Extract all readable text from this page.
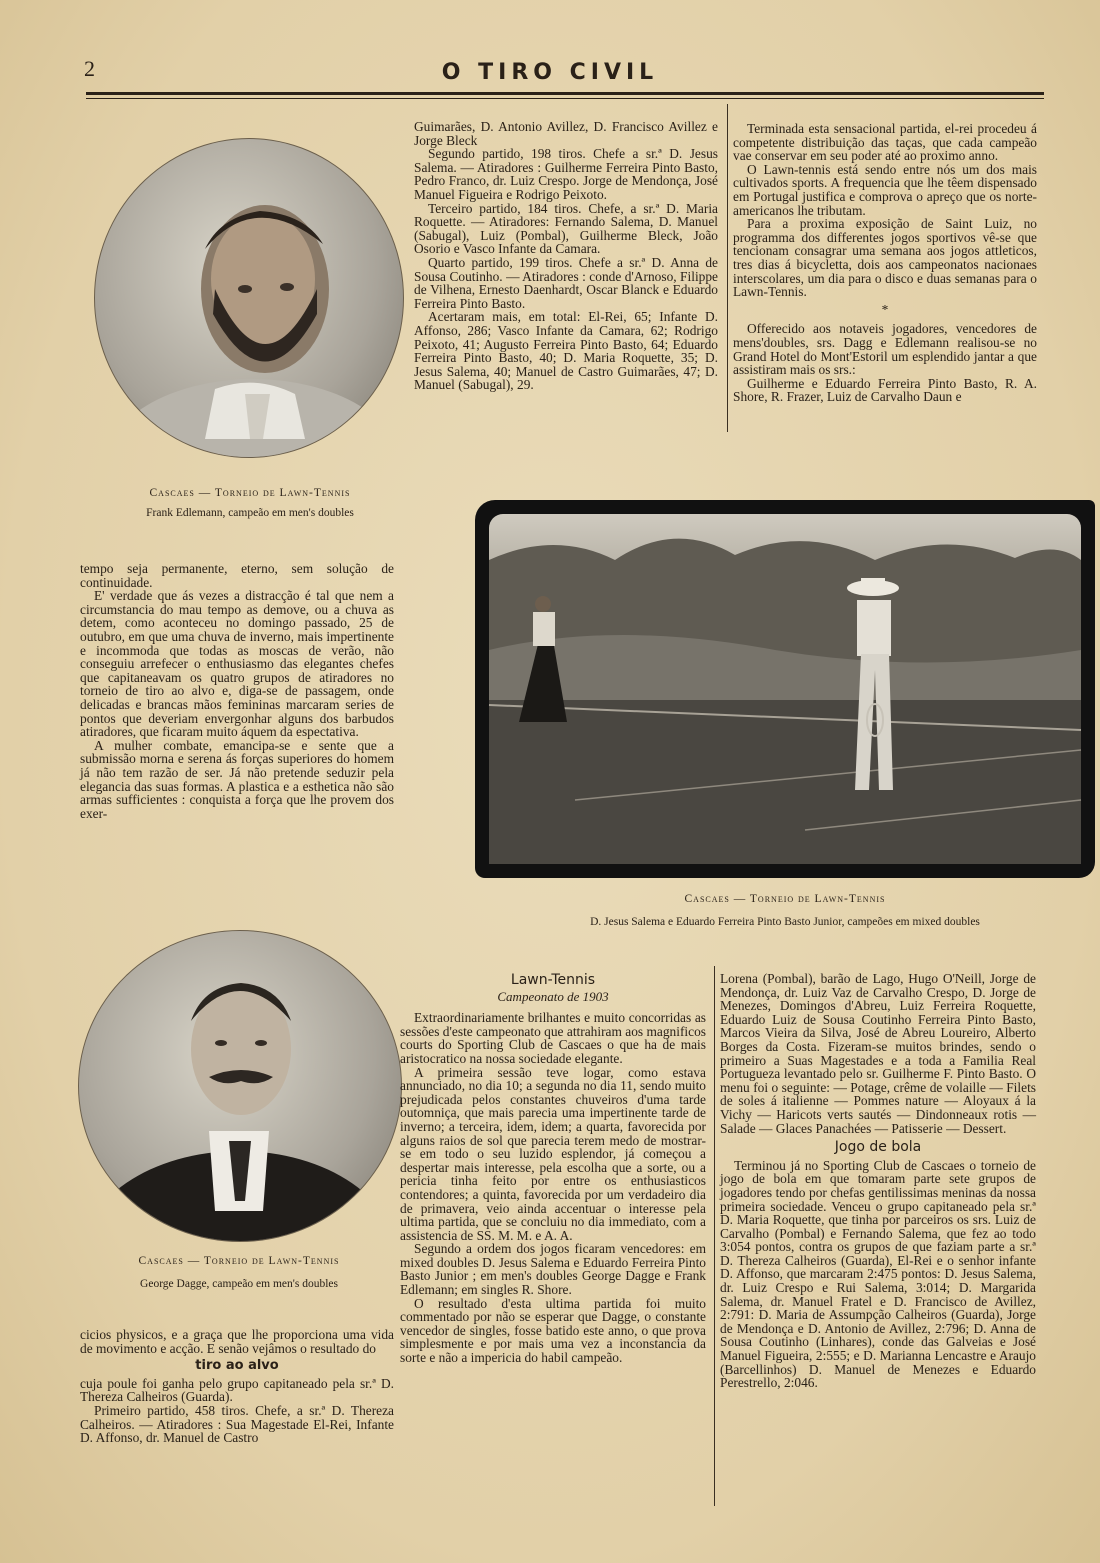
2	O TIRO CIVIL
Cascaes — Torneio de Lawn-Tennis
Frank Edlemann, campeão em men's doubles

Guimarães, D. Antonio Avillez, D. Francisco Avillez e Jorge Bleck

Segundo partido, 198 tiros. Chefe a sr.ª D. Jesus Salema. — Atiradores : Guilherme Ferreira Pinto Basto, Pedro Franco, dr. Luiz Crespo. Jorge de Mendonça, José Manuel Figueira e Rodrigo Peixoto.

Terceiro partido, 184 tiros. Chefe, a sr.ª D. Maria Roquette. — Atiradores: Fernando Salema, D. Manuel (Sabugal), Luiz (Pombal), Guilherme Bleck, João Osorio e Vasco Infante da Camara.

Quarto partido, 199 tiros. Chefe a sr.ª D. Anna de Sousa Coutinho. — Atiradores : conde d'Arnoso, Filippe de Vilhena, Ernesto Daenhardt, Oscar Blanck e Eduardo Ferreira Pinto Basto.

Acertaram mais, em total: El-Rei, 65; Infante D. Affonso, 286; Vasco Infante da Camara, 62; Rodrigo Peixoto, 41; Augusto Ferreira Pinto Basto, 64; Eduardo Ferreira Pinto Basto, 40; D. Maria Roquette, 35; D. Jesus Salema, 40; Manuel de Castro Guimarães, 47; D. Manuel (Sabugal), 29.

Terminada esta sensacional partida, el-rei procedeu á competente distribuição das taças, que cada campeão vae conservar em seu poder até ao proximo anno.

O Lawn-tennis está sendo entre nós um dos mais cultivados sports. A frequencia que lhe têem dispensado em Portugal justifica e comprova o apreço que os norte- americanos lhe tributam.

Para a proxima exposição de Saint Luiz, no programma dos differentes jogos sportivos vê-se que tencionam consagrar uma semana aos jogos attleticos, tres dias á bicycletta, dois aos campeonatos nacionaes interscolares, um dia para o disco e duas semanas para o Lawn-Tennis.

*

Offerecido aos notaveis jogadores, vencedores de mens'doubles, srs. Dagg e Edlemann realisou-se no Grand Hotel do Mont'Estoril um esplendido jantar a que assistiram mais os srs.:

Guilherme e Eduardo Ferreira Pinto Basto, R. A. Shore, R. Frazer, Luiz de Carvalho Daun e

Cascaes — Torneio de Lawn-Tennis
D. Jesus Salema e Eduardo Ferreira Pinto Basto Junior, campeões em mixed doubles

tempo seja permanente, eterno, sem solução de continuidade.

E' verdade que ás vezes a distracção é tal que nem a circumstancia do mau tempo as demove, ou a chuva as detem, como aconteceu no domingo passado, 25 de outubro, em que uma chuva de inverno, mais impertinente e incommoda que todas as moscas de verão, não conseguiu arrefecer o enthusiasmo das elegantes chefes que capitaneavam os quatro grupos de atiradores no torneio de tiro ao alvo e, diga-se de passagem, onde delicadas e brancas mãos femininas marcaram series de pontos que deveriam envergonhar alguns dos barbudos atiradores, que ficaram muito áquem da espectativa.

A mulher combate, emancipa-se e sente que a submissão morna e serena ás forças superiores do homem já não tem razão de ser. Já não pretende seduzir pela elegancia das suas formas. A plastica e a esthetica não são armas sufficientes : conquista a força que lhe provem dos exer-

Cascaes — Torneio de Lawn-Tennis
George Dagge, campeão em men's doubles

cicios physicos, e a graça que lhe proporciona uma vida de movimento e acção. E senão vejâmos o resultado do

tiro ao alvo

cuja poule foi ganha pelo grupo capitaneado pela sr.ª D. Thereza Calheiros (Guarda).

Primeiro partido, 458 tiros. Chefe, a sr.ª D. Thereza Calheiros. — Atiradores : Sua Magestade El-Rei, Infante D. Affonso, dr. Manuel de Castro

Lawn-Tennis
Campeonato de 1903

Extraordinariamente brilhantes e muito concorridas as sessões d'este campeonato que attrahiram aos magnificos courts do Sporting Club de Cascaes o que ha de mais aristocratico na nossa sociedade elegante.

A primeira sessão teve logar, como estava annunciado, no dia 10; a segunda no dia 11, sendo muito prejudicada pelos constantes chuveiros d'uma tarde outomniça, que mais parecia uma impertinente tarde de inverno; a terceira, idem, idem; a quarta, favorecida por alguns raios de sol que parecia terem medo de mostrar-se em todo o seu luzido esplendor, já começou a despertar mais interesse, pela escolha que a sorte, ou a pericia tinha feito por entre os enthusiasticos contendores; a quinta, favorecida por um verdadeiro dia de primavera, veio ainda accentuar o interesse pela ultima partida, que se concluiu no dia immediato, com a assistencia de SS. M. M. e A. A.

Segundo a ordem dos jogos ficaram vencedores: em mixed doubles D. Jesus Salema e Eduardo Ferreira Pinto Basto Junior ; em men's doubles George Dagge e Frank Edlemann; em singles R. Shore.

O resultado d'esta ultima partida foi muito commentado por não se esperar que Dagge, o constante vencedor de singles, fosse batido este anno, o que prova simplesmente e por mais uma vez a inconstancia da sorte e não a impericia do habil campeão.

Lorena (Pombal), barão de Lago, Hugo O'Neill, Jorge de Mendonça, dr. Luiz Vaz de Carvalho Crespo, D. Jorge de Menezes, Domingos d'Abreu, Luiz Ferreira Roquette, Eduardo Luiz de Sousa Coutinho Ferreira Pinto Basto, Marcos Vieira da Silva, José de Abreu Loureiro, Alberto Borges da Costa. Fizeram-se muitos brindes, sendo o primeiro a Suas Magestades e a toda a Familia Real Portugueza levantado pelo sr. Guilherme F. Pinto Basto. O menu foi o seguinte: — Potage, crême de volaille — Filets de soles á italienne — Pommes nature — Aloyaux á la Vichy — Haricots verts sautés — Dindonneaux rotis — Salade — Glaces Panachées — Patisserie — Dessert.

Jogo de bola

Terminou já no Sporting Club de Cascaes o torneio de jogo de bola em que tomaram parte sete grupos de jogadores tendo por chefas gentilissimas meninas da nossa primeira sociedade. Venceu o grupo capitaneado pela sr.ª D. Maria Roquette, que tinha por parceiros os srs. Luiz de Carvalho (Pombal) e Fernando Salema, que fez ao todo 3:054 pontos, contra os grupos de que faziam parte a sr.ª D. Thereza Calheiros (Guarda), El-Rei e o senhor infante D. Affonso, que marcaram 2:475 pontos: D. Jesus Salema, dr. Luiz Crespo e Rui Salema, 3:014; D. Margarida Salema, dr. Manuel Fratel e D. Francisco de Avillez, 2:791: D. Maria de Assumpção Calheiros (Guarda), Jorge de Mendonça e D. Antonio de Avillez, 2:796; D. Anna de Sousa Coutinho (Linhares), conde das Galveias e José Manuel Figueira, 2:555; e D. Marianna Lencastre e Araujo (Barcellinhos) D. Manuel de Menezes e Eduardo Perestrello, 2:046.
